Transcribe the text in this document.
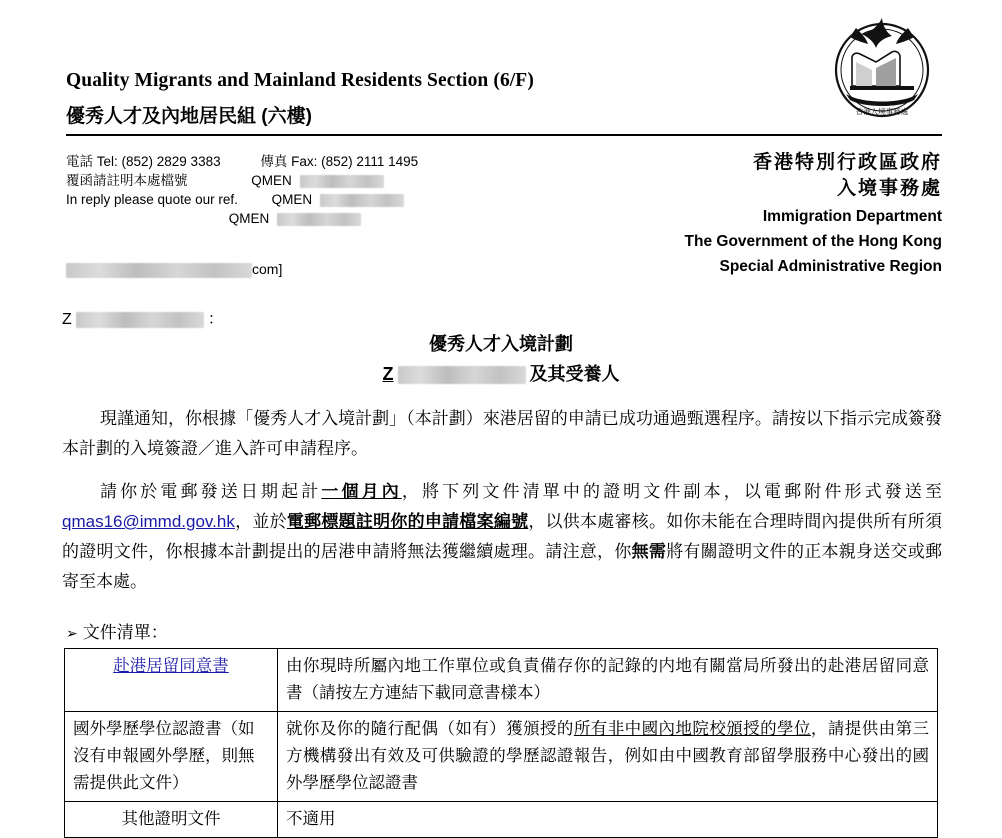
香港入境事務處
Quality Migrants and Mainland Residents Section (6/F)
優秀人才及內地居民組 (六樓)
電話 Tel: (852) 2829 3383	傳真 Fax: (852) 2111 1495
覆函請註明本處檔號	QMEN
In reply please quote our ref.	QMEN
QMEN
香港特別行政區政府
入境事務處
Immigration Department
The Government of the Hong Kong
Special Administrative Region
com]
Z	：
優秀人才入境計劃
Z	及其受養人

現謹通知，你根據「優秀人才入境計劃」（本計劃）來港居留的申請已成功通過甄選程序。請按以下指示完成簽發本計劃的入境簽證／進入許可申請程序。

請你於電郵發送日期起計一個月內，將下列文件清單中的證明文件副本，以電郵附件形式發送至 qmas16@immd.gov.hk，並於電郵標題註明你的申請檔案編號，以供本處審核。如你未能在合理時間內提供所有所須的證明文件，你根據本計劃提出的居港申請將無法獲繼續處理。請注意，你無需將有關證明文件的正本親身送交或郵寄至本處。

➢ 文件清單：
赴港居留同意書	由你現時所屬內地工作單位或負責備存你的記錄的内地有關當局所發出的赴港居留同意書（請按左方連結下載同意書樣本）
國外學歷學位認證書（如沒有申報國外學歷，則無需提供此文件）	就你及你的隨行配偶（如有）獲頒授的所有非中國內地院校頒授的學位，請提供由第三方機構發出有效及可供驗證的學歷認證報告，例如由中國教育部留學服務中心發出的國外學歷學位認證書
其他證明文件	不適用
